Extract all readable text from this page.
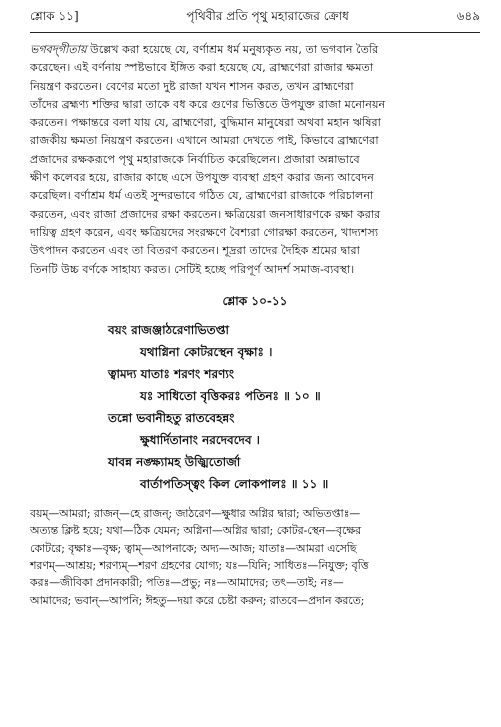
শ্লোক ১১]	পৃথিবীর প্রতি পৃথু মহারাজের ক্রোধ	৬৪৯
ভগবদ্‌গীতায় উল্লেখ করা হয়েছে যে, বর্ণাশ্রম ধর্ম মনুষ্যকৃত নয়, তা ভগবান তৈরি
করেছেন। এই বর্ণনায় স্পষ্টভাবে ইঙ্গিত করা হয়েছে যে, ব্রাহ্মণেরা রাজার ক্ষমতা
নিয়ন্ত্রণ করতেন। বেণের মতো দুষ্ট রাজা যখন শাসন করত, তখন ব্রাহ্মণেরা
তাঁদের ব্রহ্মণ্য শক্তির দ্বারা তাকে বধ করে গুণের ভিত্তিতে উপযুক্ত রাজা মনোনয়ন
করতেন। পক্ষান্তরে বলা যায় যে, ব্রাহ্মণেরা, বুদ্ধিমান মানুষেরা অথবা মহান ঋষিরা
রাজকীয় ক্ষমতা নিয়ন্ত্রণ করতেন। এখানে আমরা দেখতে পাই, কিভাবে ব্রাহ্মণেরা
প্রজাদের রক্ষকরূপে পৃথু মহারাজকে নির্বাচিত করেছিলেন। প্রজারা অন্নাভাবে
ক্ষীণ কলেবর হয়ে, রাজার কাছে এসে উপযুক্ত ব্যবস্থা গ্রহণ করার জন্য আবেদন
করেছিল। বর্ণাশ্রম ধর্ম এতই সুন্দরভাবে গঠিত যে, ব্রাহ্মণেরা রাজাকে পরিচালনা
করতেন, এবং রাজা প্রজাদের রক্ষা করতেন। ক্ষত্রিয়েরা জনসাধারণকে রক্ষা করার
দায়িত্ব গ্রহণ করেন, এবং ক্ষত্রিয়দের সংরক্ষণে বৈশ্যরা গোরক্ষা করতেন, খাদ্যশস্য
উৎপাদন করতেন এবং তা বিতরণ করতেন। শূদ্ররা তাদের দৈহিক শ্রমের দ্বারা
তিনটি উচ্চ বর্ণকে সাহায্য করত। সেটিই হচ্ছে পরিপূর্ণ আদর্শ সমাজ-ব্যবস্থা।
শ্লোক ১০-১১
বয়ং রাজঞ্জাঠরেণাভিতপ্তা
যথাগ্নিনা কোটরস্থেন বৃক্ষাঃ ।
ত্বামদ্য যাতাঃ শরণং শরণ্যং
যঃ সাধিতো বৃত্তিকরঃ পতিনঃ ॥ ১০ ॥
তন্নো ভবানীহতু রাতবেহন্নং
ক্ষুধার্দিতানাং নরদেবদেব ।
যাবন্ন নঙ্ক্ষ্যামহ উজ্ঝিতোর্জা
বার্তাপতিস্ত্বং কিল লোকপালঃ ॥ ১১ ॥
বয়ম্—আমরা; রাজন্—হে রাজন্; জাঠরেণ—ক্ষুধার অগ্নির দ্বারা; অভিতপ্তাঃ—
অত্যন্ত ক্লিষ্ট হয়ে; যথা—ঠিক যেমন; অগ্নিনা—অগ্নির দ্বারা; কোটর-স্থেন—বৃক্ষের
কোটরে; বৃক্ষাঃ—বৃক্ষ; ত্বাম্—আপনাকে; অদ্য—আজ; যাতাঃ—আমরা এসেছি
শরণম্—আশ্রয়; শরণ্যম্—শরণ গ্রহণের যোগ্য; যঃ—যিনি; সাধিতঃ—নিযুক্ত; বৃত্তি
করঃ—জীবিকা প্রদানকারী; পতিঃ—প্রভু; নঃ—আমাদের; তৎ—তাই; নঃ—
আমাদের; ভবান্—আপনি; ঈহতু—দয়া করে চেষ্টা করুন; রাতবে—প্রদান করতে;
